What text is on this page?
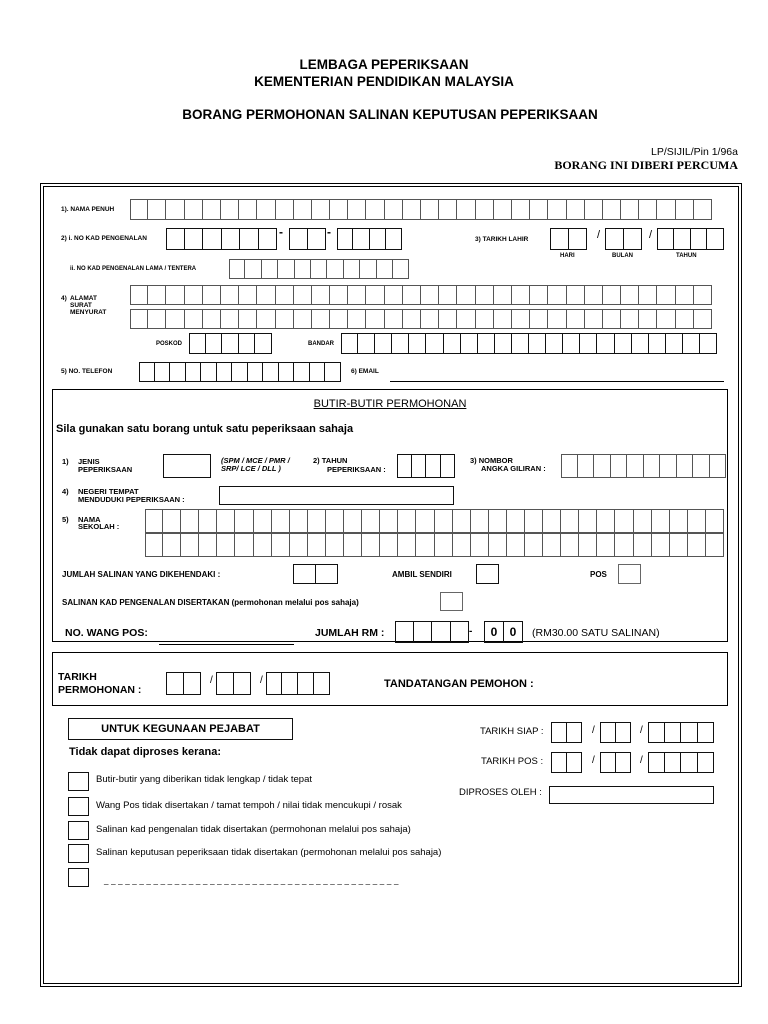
LEMBAGA PEPERIKSAAN
KEMENTERIAN PENDIDIKAN MALAYSIA
BORANG PERMOHONAN SALINAN KEPUTUSAN PEPERIKSAAN
LP/SIJIL/Pin 1/96a
BORANG INI DIBERI PERCUMA
1). NAMA PENUH
2) i. NO KAD PENGENALAN	-	-
3) TARIKH LAHIR	/	/
HARI	BULAN	TAHUN
ii. NO KAD PENGENALAN LAMA / TENTERA
4) ALAMAT
SURAT
MENYURAT
POSKOD	BANDAR
5) NO. TELEFON	6) EMAIL
BUTIR-BUTIR PERMOHONAN
Sila gunakan satu borang untuk satu peperiksaan sahaja
1) JENIS
PEPERIKSAAN
(SPM / MCE / PMR /
SRP/ LCE / DLL )
2) TAHUN
PEPERIKSAAN :
3) NOMBOR
ANGKA GILIRAN :
4) NEGERI TEMPAT
MENDUDUKI PEPERIKSAAN :
5) NAMA
SEKOLAH :
JUMLAH SALINAN YANG DIKEHENDAKI :	AMBIL SENDIRI	POS
SALINAN KAD PENGENALAN DISERTAKAN (permohonan melalui pos sahaja)
NO. WANG POS:	JUMLAH RM :	-	0	0	(RM30.00 SATU SALINAN)
TARIKH
PERMOHONAN :
/	/	TANDATANGAN PEMOHON :
UNTUK KEGUNAAN PEJABAT
Tidak dapat diproses kerana:
Butir-butir yang diberikan tidak lengkap / tidak tepat
Wang Pos tidak disertakan / tamat tempoh / nilai tidak mencukupi / rosak
Salinan kad pengenalan tidak disertakan (permohonan melalui pos sahaja)
Salinan keputusan peperiksaan tidak disertakan (permohonan melalui pos sahaja)
_ _ _ _ _ _ _ _ _ _ _ _ _ _ _ _ _ _ _ _ _ _ _ _ _ _ _ _ _ _ _ _ _ _ _ _ _ _ _ _ _ _
TARIKH SIAP :	/	/
TARIKH POS :	/	/
DIPROSES OLEH :
